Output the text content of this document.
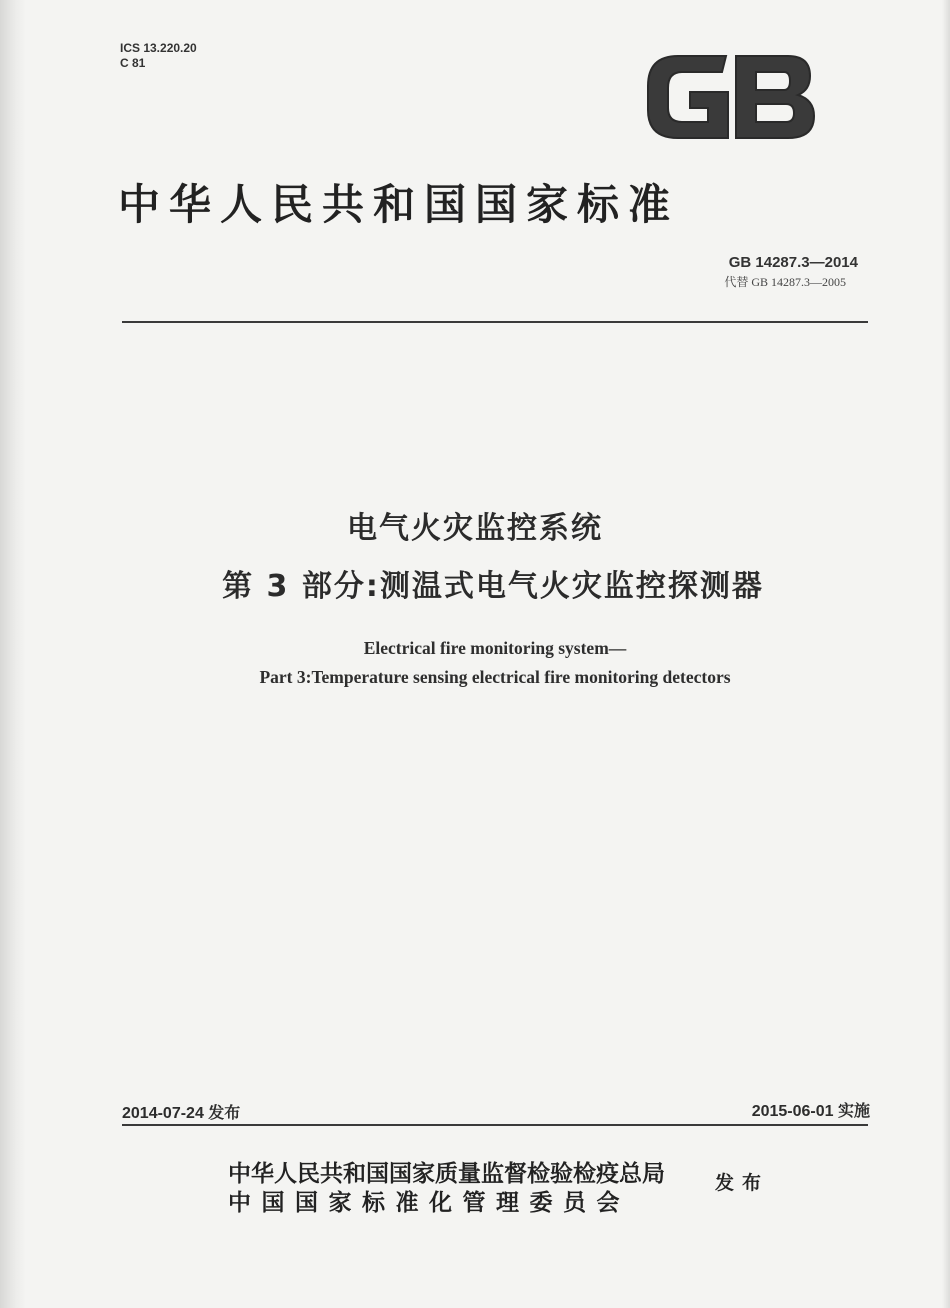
ICS 13.220.20
C 81
中华人民共和国国家标准
GB 14287.3—2014
代替 GB 14287.3—2005
电气火灾监控系统
第 3 部分:测温式电气火灾监控探测器
Electrical fire monitoring system—
Part 3:Temperature sensing electrical fire monitoring detectors
2014-07-24 发布	2015-06-01 实施
中华人民共和国国家质量监督检验检疫总局
中国国家标准化管理委员会
发布
